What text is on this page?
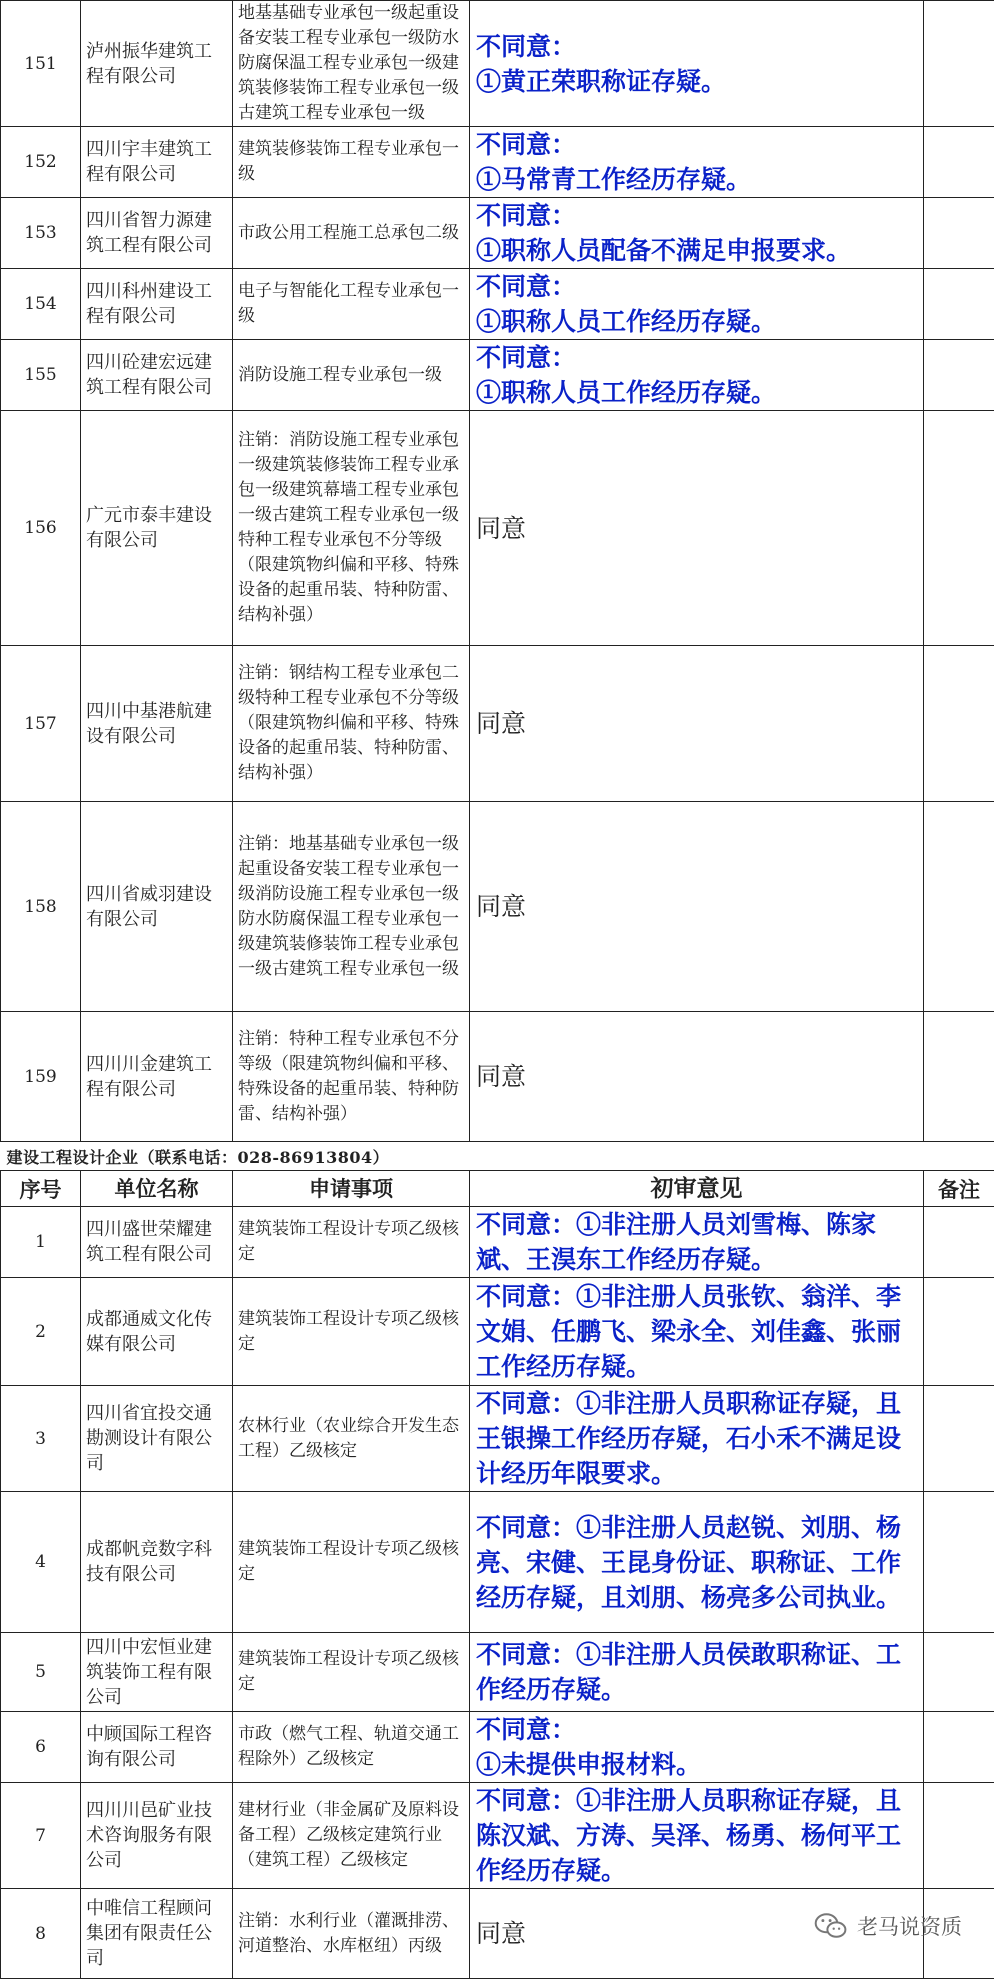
151	泸州振华建筑工程有限公司	地基基础专业承包一级起重设备安装工程专业承包一级防水防腐保温工程专业承包一级建筑装修装饰工程专业承包一级古建筑工程专业承包一级	不同意：
①黄正荣职称证存疑。	

152	四川宇丰建筑工程有限公司	建筑装修装饰工程专业承包一级	不同意：
①马常青工作经历存疑。	

153	四川省智力源建筑工程有限公司	市政公用工程施工总承包二级	不同意：
①职称人员配备不满足申报要求。	

154	四川科州建设工程有限公司	电子与智能化工程专业承包一级	不同意：
①职称人员工作经历存疑。	

155	四川砼建宏远建筑工程有限公司	消防设施工程专业承包一级	不同意：
①职称人员工作经历存疑。	

156	广元市泰丰建设有限公司	注销：消防设施工程专业承包一级建筑装修装饰工程专业承包一级建筑幕墙工程专业承包一级古建筑工程专业承包一级特种工程专业承包不分等级（限建筑物纠偏和平移、特殊设备的起重吊装、特种防雷、结构补强）	同意	

157	四川中基港航建设有限公司	注销：钢结构工程专业承包二级特种工程专业承包不分等级（限建筑物纠偏和平移、特殊设备的起重吊装、特种防雷、结构补强）	同意	

158	四川省威羽建设有限公司	注销：地基基础专业承包一级起重设备安装工程专业承包一级消防设施工程专业承包一级防水防腐保温工程专业承包一级建筑装修装饰工程专业承包一级古建筑工程专业承包一级	同意	

159	四川川金建筑工程有限公司	注销：特种工程专业承包不分等级（限建筑物纠偏和平移、特殊设备的起重吊装、特种防雷、结构补强）	同意	

建设工程设计企业（联系电话：028-86913804）				
序号	单位名称	申请事项	初审意见	备注
1	四川盛世荣耀建筑工程有限公司	建筑装饰工程设计专项乙级核定	不同意：①非注册人员刘雪梅、陈家斌、王淏东工作经历存疑。	

2	成都通威文化传媒有限公司	建筑装饰工程设计专项乙级核定	不同意：①非注册人员张钦、翁洋、李文娟、任鹏飞、梁永全、刘佳鑫、张丽工作经历存疑。	

3	四川省宜投交通勘测设计有限公司	农林行业（农业综合开发生态工程）乙级核定	不同意：①非注册人员职称证存疑，且王银操工作经历存疑，石小禾不满足设计经历年限要求。	

4	成都帆竞数字科技有限公司	建筑装饰工程设计专项乙级核定	不同意：①非注册人员赵锐、刘朋、杨亮、宋健、王昆身份证、职称证、工作经历存疑，且刘朋、杨亮多公司执业。	

5	四川中宏恒业建筑装饰工程有限公司	建筑装饰工程设计专项乙级核定	不同意：①非注册人员侯敢职称证、工作经历存疑。	

6	中顾国际工程咨询有限公司	市政（燃气工程、轨道交通工程除外）乙级核定	不同意：
①未提供申报材料。	

7	四川川邑矿业技术咨询服务有限公司	建材行业（非金属矿及原料设备工程）乙级核定建筑行业（建筑工程）乙级核定	不同意：①非注册人员职称证存疑，且陈汉斌、方涛、吴泽、杨勇、杨何平工作经历存疑。	

8	中唯信工程顾问集团有限责任公司	注销：水利行业（灌溉排涝、河道整治、水库枢纽）丙级	同意	
		老马说资质
